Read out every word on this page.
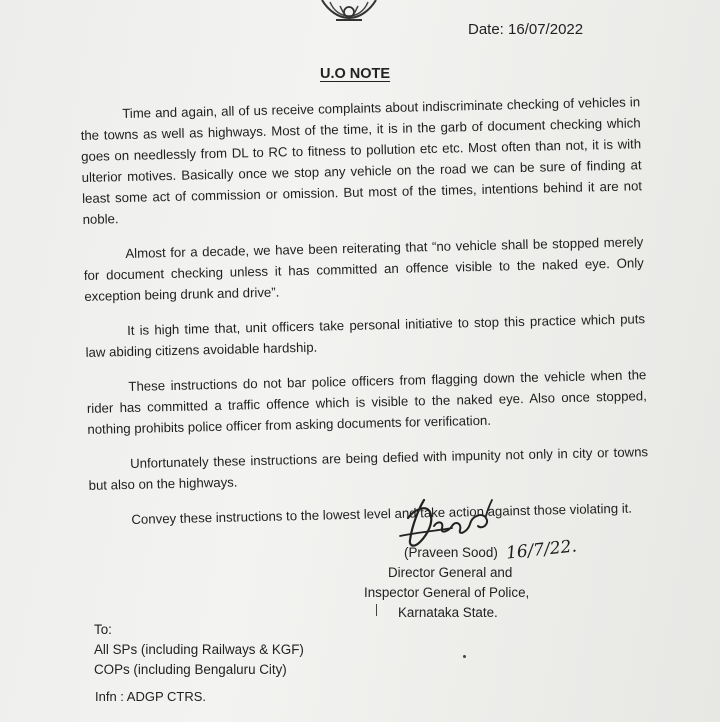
Date: 16/07/2022
U.O NOTE

Time and again, all of us receive complaints about indiscriminate checking of vehicles in the towns as well as highways. Most of the time, it is in the garb of document checking which goes on needlessly from DL to RC to fitness to pollution etc etc. Most often than not, it is with ulterior motives. Basically once we stop any vehicle on the road we can be sure of finding at least some act of commission or omission. But most of the times, intentions behind it are not noble.

Almost for a decade, we have been reiterating that “no vehicle shall be stopped merely for document checking unless it has committed an offence visible to the naked eye. Only exception being drunk and drive”.

It is high time that, unit officers take personal initiative to stop this practice which puts law abiding citizens avoidable hardship.

These instructions do not bar police officers from flagging down the vehicle when the rider has committed a traffic offence which is visible to the naked eye. Also once stopped, nothing prohibits police officer from asking documents for verification.

Unfortunately these instructions are being defied with impunity not only in city or towns but also on the highways.

Convey these instructions to the lowest level and take action against those violating it.

(Praveen Sood)
Director General and
Inspector General of Police,
Karnataka State.
16/7/22.
To:
All SPs (including Railways & KGF)
COPs (including Bengaluru City)
Infn : ADGP CTRS.
